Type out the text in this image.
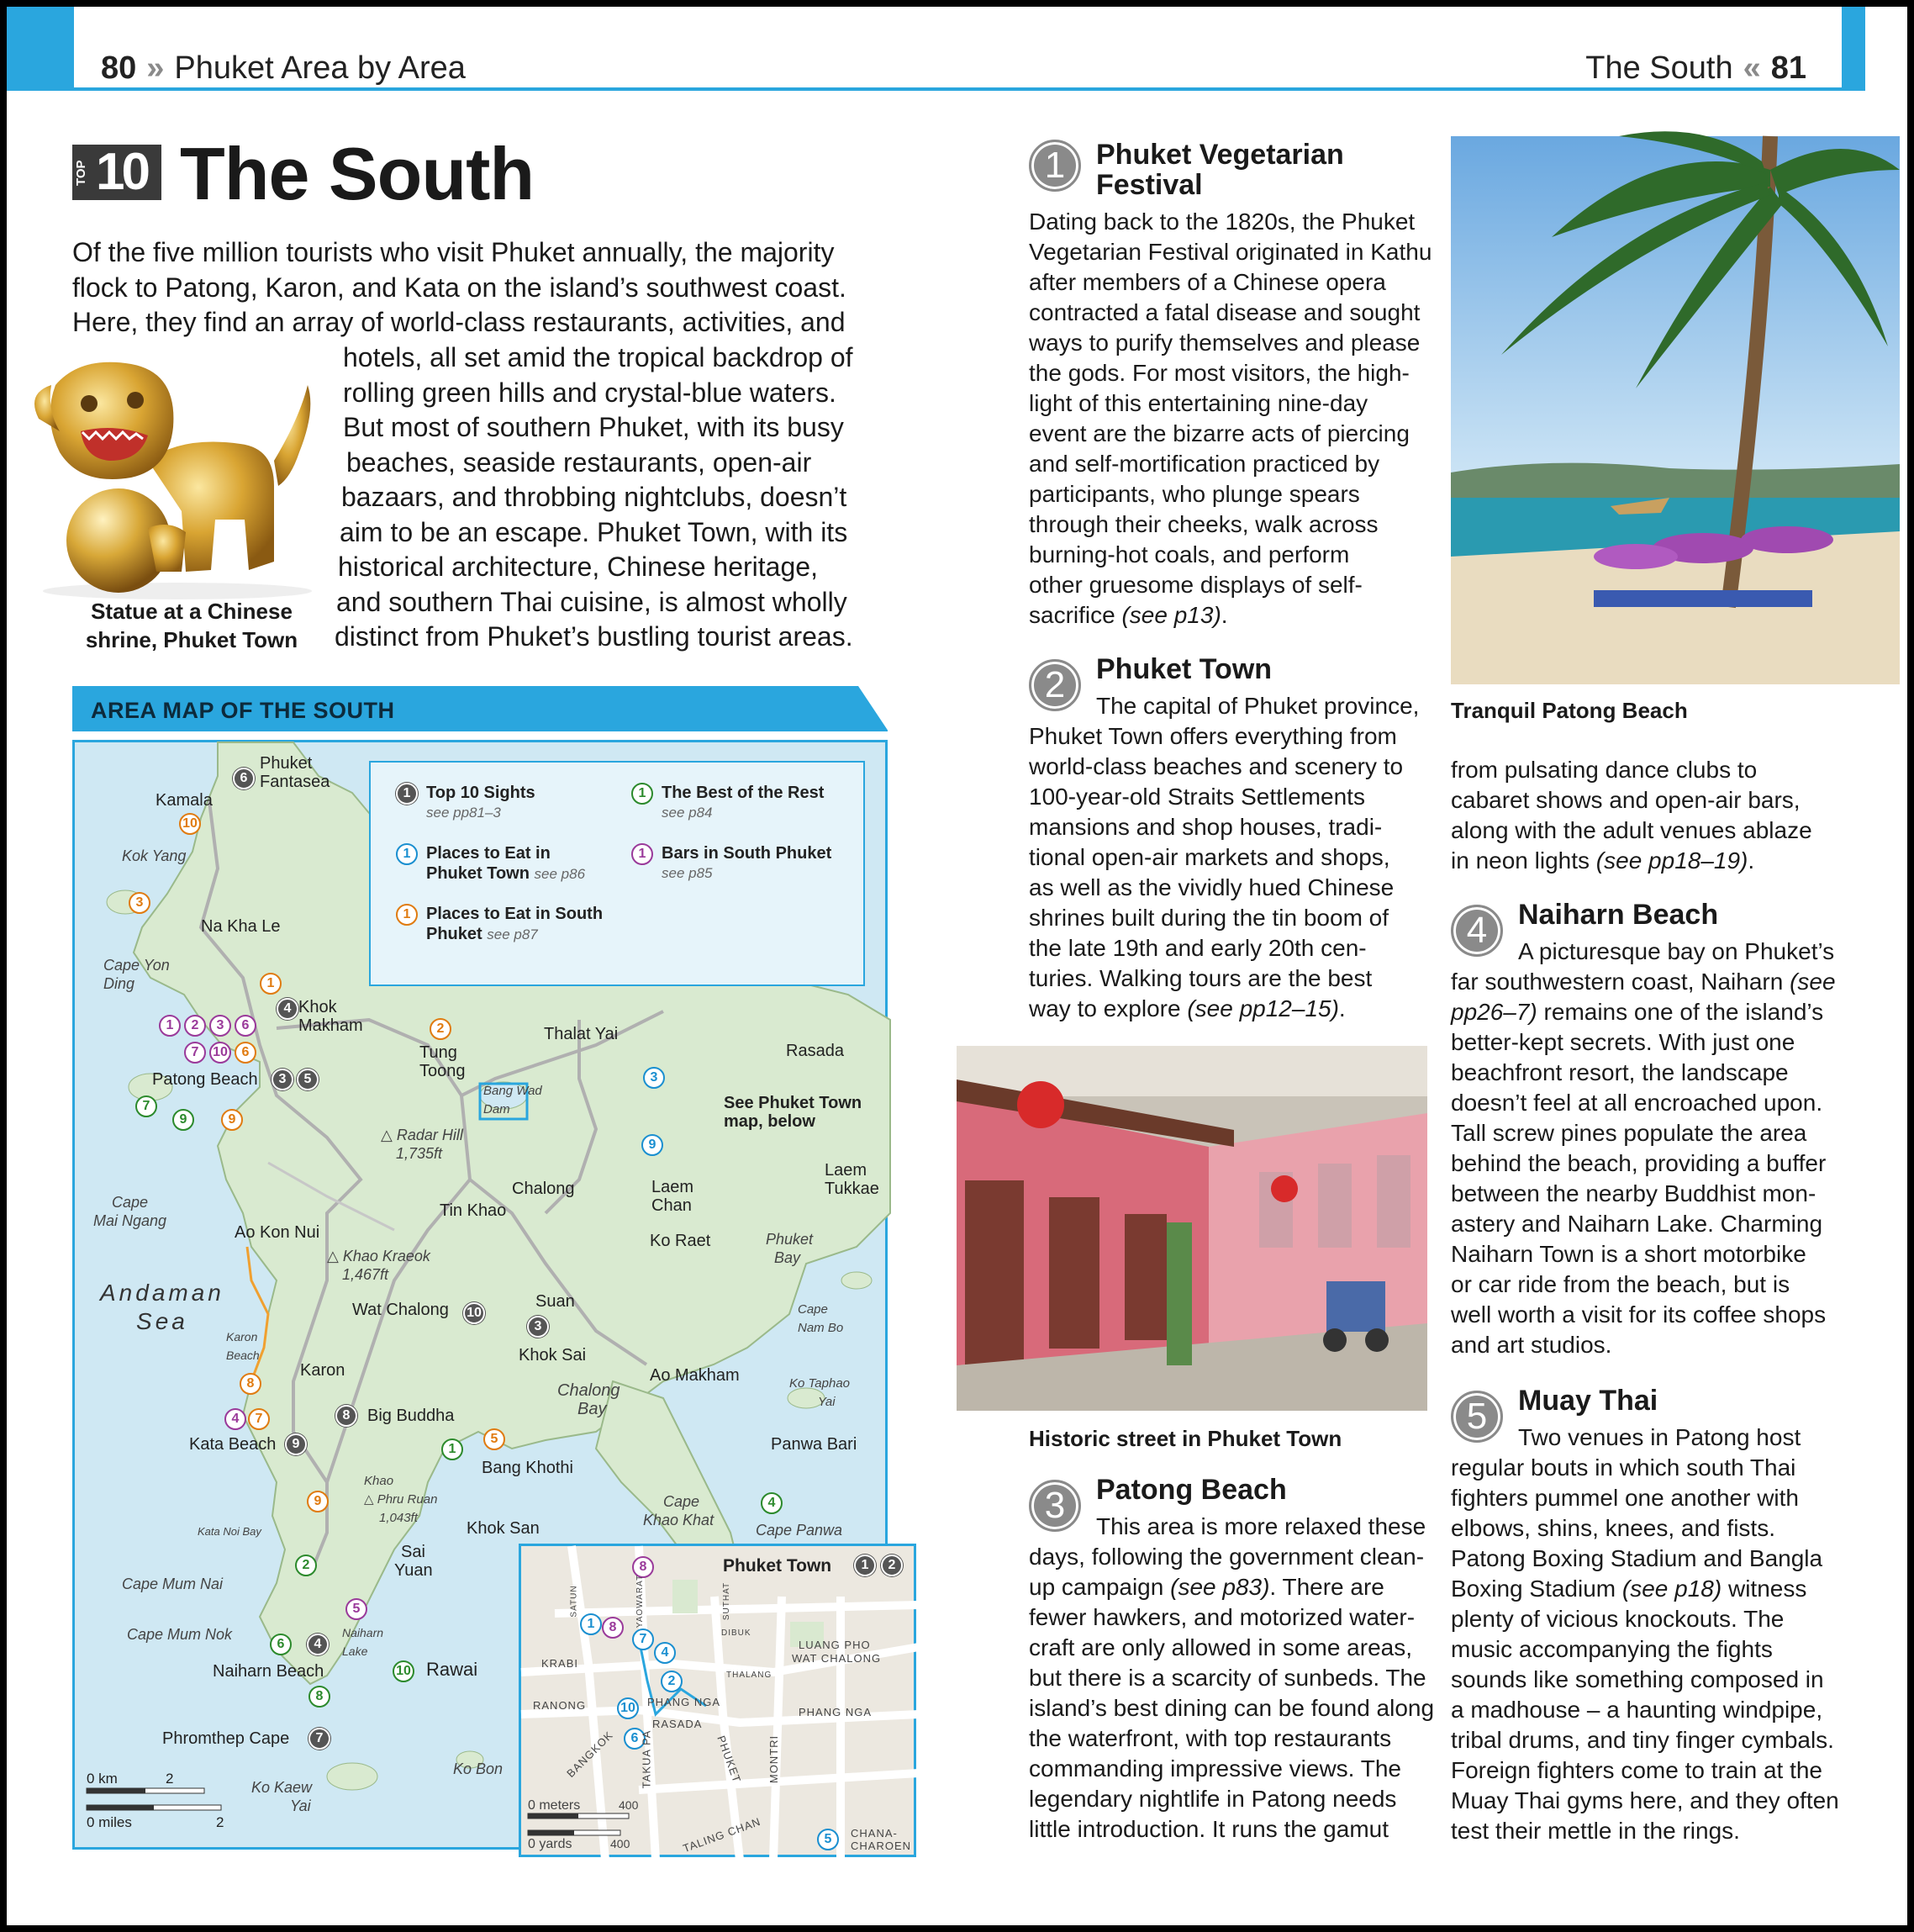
80 » Phuket Area by Area	The South « 81
TOP 10 The South
Of the five million tourists who visit Phuket annually, the majority
flock to Patong, Karon, and Kata on the island’s southwest coast.
Here, they find an array of world-class restaurants, activities, and
hotels, all set amid the tropical backdrop of
rolling green hills and crystal-blue waters.
But most of southern Phuket, with its busy
beaches, seaside restaurants, open-air
bazaars, and throbbing nightclubs, doesn’t
aim to be an escape. Phuket Town, with its
historical architecture, Chinese heritage,
and southern Thai cuisine, is almost wholly
distinct from Phuket’s bustling tourist areas.
Statue at a Chinese
shrine, Phuket Town
AREA MAP OF THE SOUTH
1 Top 10 Sights
see pp81–3
1 The Best of the Rest
see p84
1 Places to Eat in
Phuket Town see p86
1 Bars in South Phuket
see p85
1 Places to Eat in South
Phuket see p87
Phuket
Fantasea
6
Kamala
10
Kok Yang
3
Na Kha Le
Cape Yon
Ding	1
4 Khok
Makham
1	2	3	6
7	10	6
Patong Beach	3	5
7
9	9
2
Tung
Toong
Thalat Yai
Rasada
Bang Wad
Dam
3
See Phuket Town
map, below
△ Radar Hill
1,735ft
9
Laem
Tukkae
Cape
Mai Ngang
Chalong
Tin Khao
Laem
Chan
Ao Kon Nui	Ko Raet	Phuket
Bay
△ Khao Kraeok
1,467ft
Andaman
Sea	Wat Chalong 10
Suan
3
Cape
Nam Bo
Karon
Beach	Khok Sai
Karon
8	Chalong
Bay
Ao Makham	Ko Taphao
Yai
4	7	8	Big Buddha
5
Kata Beach	9	Panwa Bari
1
Bang Khothi
Khao
△ Phru Ruan
1,043ft
9	Cape
Khao Khat
4
Cape Panwa
Kata Noi Bay	Khok San
2
Sai
Yuan
Cape Mum Nai
5
Cape Mum Nok	Naiharn
Lake
6	4
10 Rawai
Naiharn Beach
8
Phromthep Cape	7
Ko Bon
Ko Kaew
Yai
0 km	2
0 miles	2
Phuket Town	1	2
8
1	8
7
4
2
10
6
5
LUANG PHO
WAT CHALONG
KRABI
RANONG	PHANG NGA
PHANG NGA
RASADA
BANGKOK TAKUA PA	PHUKET MONTRI
TALING CHAN	CHANA- CHAROEN
DIBUK
THALANG
SATUN	YAOWARAT	SUTHAT
0 meters	400
0 yards	400
1	Phuket Vegetarian
Festival
Dating back to the 1820s, the Phuket
Vegetarian Festival originated in Kathu
after members of a Chinese opera
contracted a fatal disease and sought
ways to purify themselves and please
the gods. For most visitors, the high-
light of this entertaining nine-day
event are the bizarre acts of piercing
and self-mortification practiced by
participants, who plunge spears
through their cheeks, walk across
burning-hot coals, and perform
other gruesome displays of self-
sacrifice (see p13).
2	Phuket Town
The capital of Phuket province,
Phuket Town offers everything from
world-class beaches and scenery to
100-year-old Straits Settlements
mansions and shop houses, tradi-
tional open-air markets and shops,
as well as the vividly hued Chinese
shrines built during the tin boom of
the late 19th and early 20th cen-
turies. Walking tours are the best
way to explore (see pp12–15).
Historic street in Phuket Town
3	Patong Beach
This area is more relaxed these
days, following the government clean-
up campaign (see p83). There are
fewer hawkers, and motorized water-
craft are only allowed in some areas,
but there is a scarcity of sunbeds. The
island’s best dining can be found along
the waterfront, with top restaurants
commanding impressive views. The
legendary nightlife in Patong needs
little introduction. It runs the gamut
Tranquil Patong Beach
from pulsating dance clubs to
cabaret shows and open-air bars,
along with the adult venues ablaze
in neon lights (see pp18–19).
4	Naiharn Beach
A picturesque bay on Phuket’s
far southwestern coast, Naiharn (see
pp26–7) remains one of the island’s
better-kept secrets. With just one
beachfront resort, the landscape
doesn’t feel at all encroached upon.
Tall screw pines populate the area
behind the beach, providing a buffer
between the nearby Buddhist mon-
astery and Naiharn Lake. Charming
Naiharn Town is a short motorbike
or car ride from the beach, but is
well worth a visit for its coffee shops
and art studios.
5	Muay Thai
Two venues in Patong host
regular bouts in which south Thai
fighters pummel one another with
elbows, shins, knees, and fists.
Patong Boxing Stadium and Bangla
Boxing Stadium (see p18) witness
plenty of vicious knockouts. The
music accompanying the fights
sounds like something composed in
a madhouse – a haunting windpipe,
tribal drums, and tiny finger cymbals.
Foreign fighters come to train at the
Muay Thai gyms here, and they often
test their mettle in the rings.
